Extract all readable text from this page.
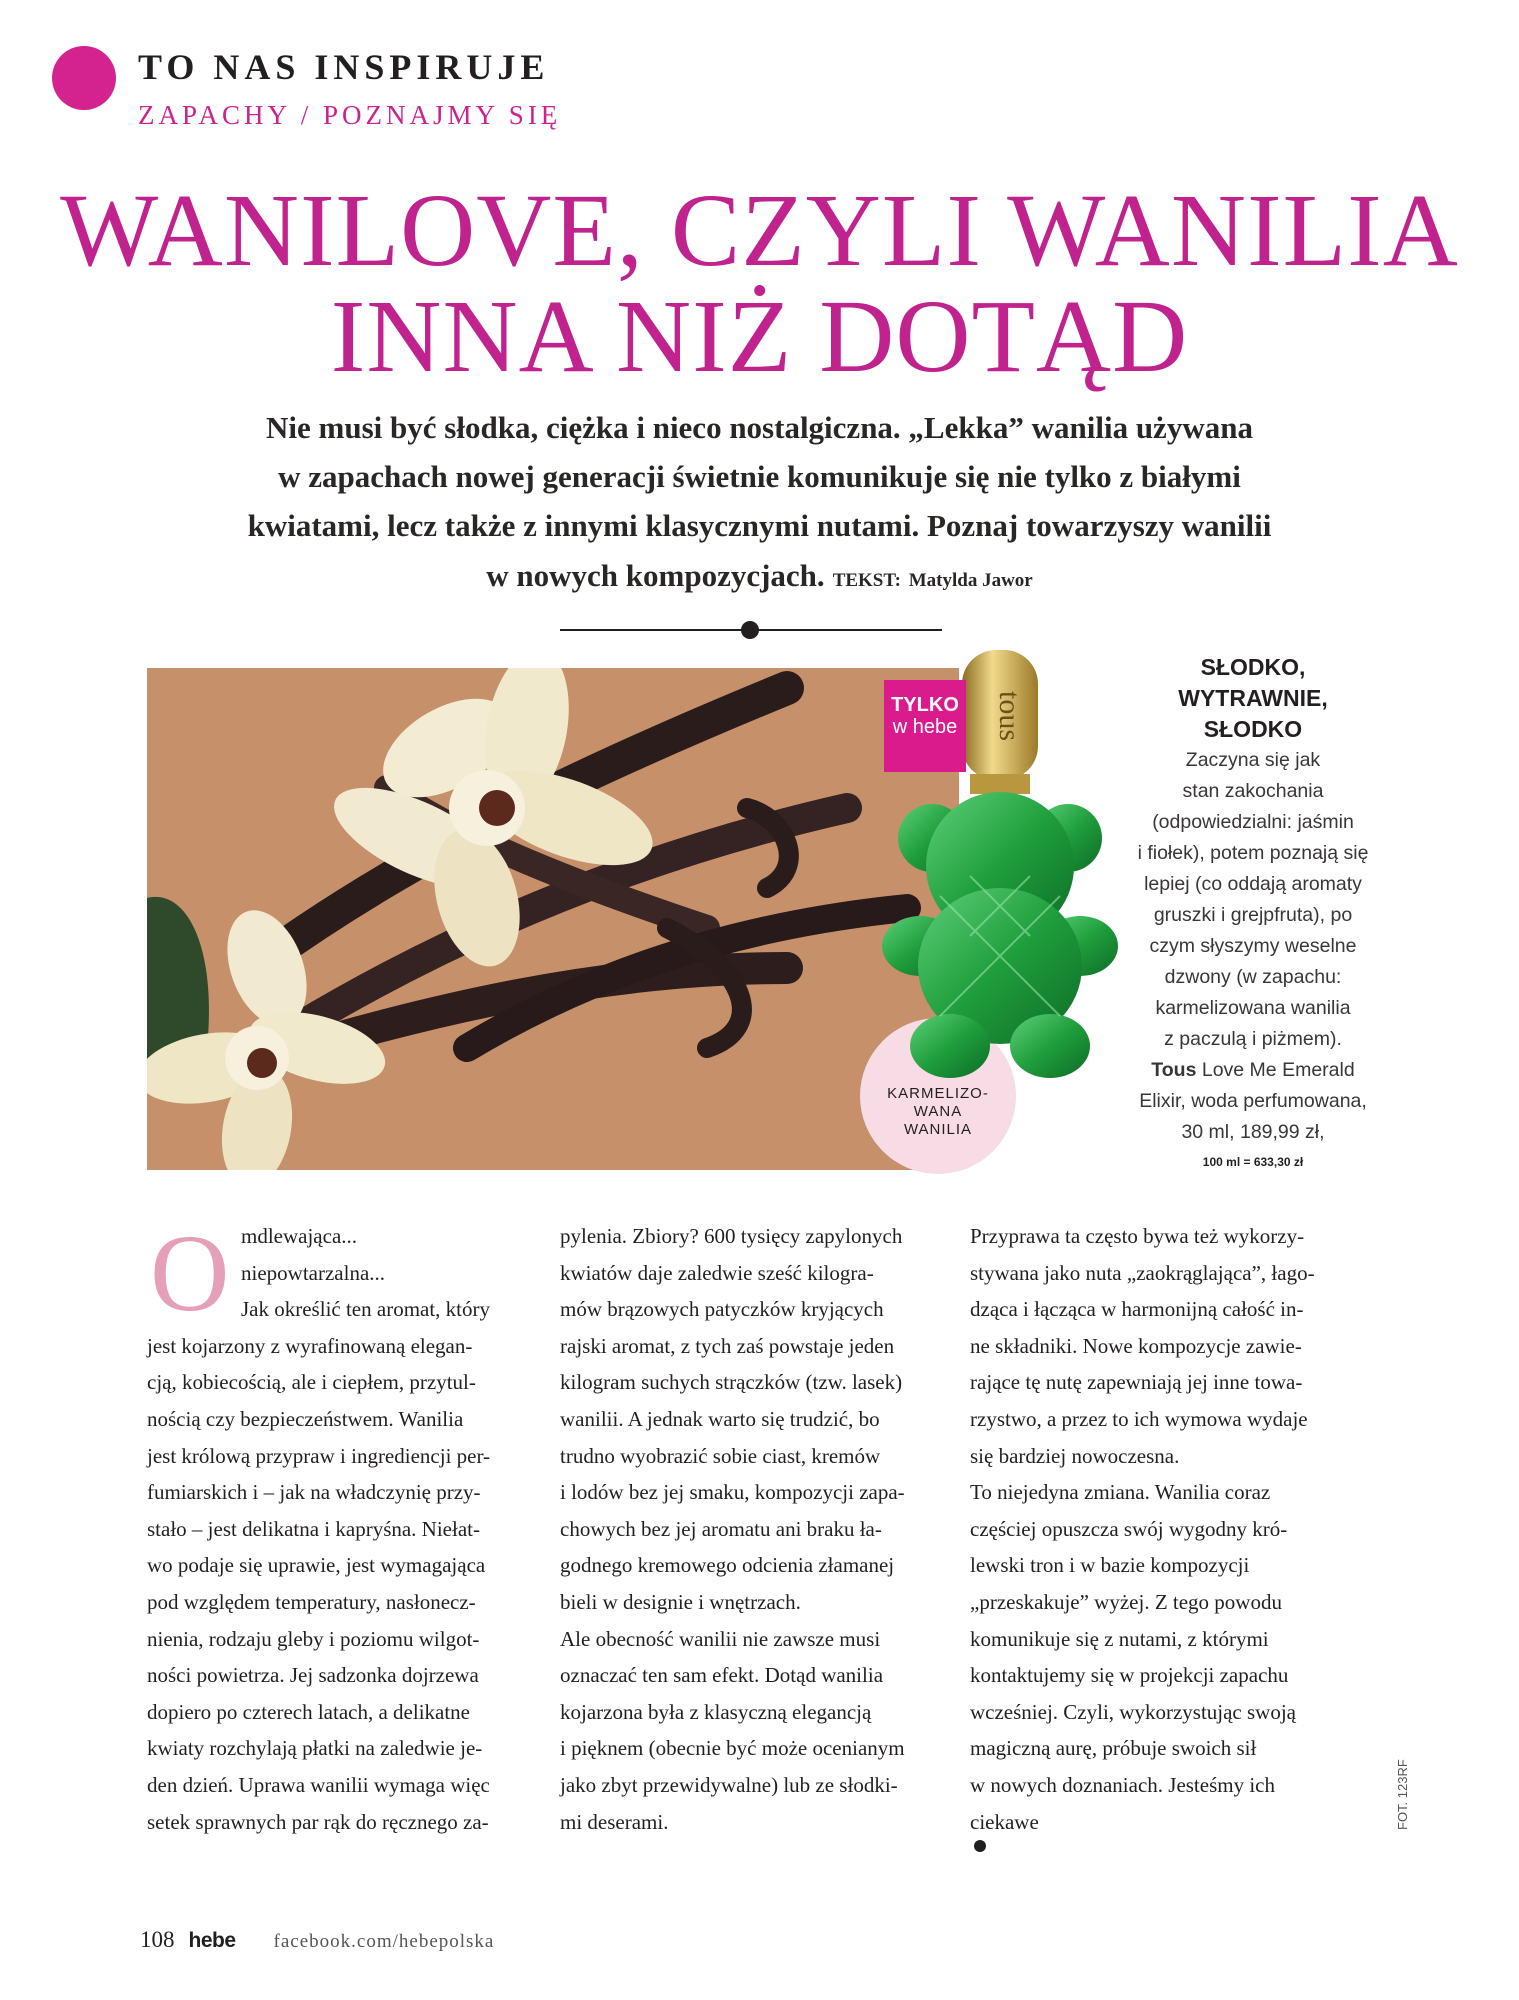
TO NAS INSPIRUJE
ZAPACHY / POZNAJMY SIĘ
WANILOVE, CZYLI WANILIA
INNA NIŻ DOTĄD
Nie musi być słodka, ciężka i nieco nostalgiczna. „Lekka” wanilia używana
w zapachach nowej generacji świetnie komunikuje się nie tylko z białymi
kwiatami, lecz także z innymi klasycznymi nutami. Poznaj towarzyszy wanilii
w nowych kompozycjach. TEKST: Matylda Jawor
KARMELIZO-
WANA
WANILIA
tous
TYLKO
w hebe
SŁODKO,
WYTRAWNIE,
SŁODKO
Zaczyna się jak
stan zakochania
(odpowiedzialni: jaśmin
i fiołek), potem poznają się
lepiej (co oddają aromaty
gruszki i grejpfruta), po
czym słyszymy weselne
dzwony (w zapachu:
karmelizowana wanilia
z paczulą i piżmem).
Tous Love Me Emerald
Elixir, woda perfumowana,
30 ml, 189,99 zł,
100 ml = 633,30 zł
O mdlewająca...
niepowtarzalna...
Jak określić ten aromat, który
jest kojarzony z wyrafinowaną elegan-
cją, kobiecością, ale i ciepłem, przytul-
nością czy bezpieczeństwem. Wanilia
jest królową przypraw i ingrediencji per-
fumiarskich i – jak na władczynię przy-
stało – jest delikatna i kapryśna. Niełat-
wo podaje się uprawie, jest wymagająca
pod względem temperatury, nasłonecz-
nienia, rodzaju gleby i poziomu wilgot-
ności powietrza. Jej sadzonka dojrzewa
dopiero po czterech latach, a delikatne
kwiaty rozchylają płatki na zaledwie je-
den dzień. Uprawa wanilii wymaga więc
setek sprawnych par rąk do ręcznego za-
pylenia. Zbiory? 600 tysięcy zapylonych
kwiatów daje zaledwie sześć kilogra-
mów brązowych patyczków kryjących
rajski aromat, z tych zaś powstaje jeden
kilogram suchych strączków (tzw. lasek)
wanilii. A jednak warto się trudzić, bo
trudno wyobrazić sobie ciast, kremów
i lodów bez jej smaku, kompozycji zapa-
chowych bez jej aromatu ani braku ła-
godnego kremowego odcienia złamanej
bieli w designie i wnętrzach.
Ale obecność wanilii nie zawsze musi
oznaczać ten sam efekt. Dotąd wanilia
kojarzona była z klasyczną elegancją
i pięknem (obecnie być może ocenianym
jako zbyt przewidywalne) lub ze słodki-
mi deserami.
Przyprawa ta często bywa też wykorzy-
stywana jako nuta „zaokrąglająca”, łago-
dząca i łącząca w harmonijną całość in-
ne składniki. Nowe kompozycje zawie-
rające tę nutę zapewniają jej inne towa-
rzystwo, a przez to ich wymowa wydaje
się bardziej nowoczesna.
To niejedyna zmiana. Wanilia coraz
częściej opuszcza swój wygodny kró-
lewski tron i w bazie kompozycji
„przeskakuje” wyżej. Z tego powodu
komunikuje się z nutami, z którymi
kontaktujemy się w projekcji zapachu
wcześniej. Czyli, wykorzystując swoją
magiczną aurę, próbuje swoich sił
w nowych doznaniach. Jesteśmy ich
ciekawe	FOT. 123RF
108 hebe facebook.com/hebepolska
